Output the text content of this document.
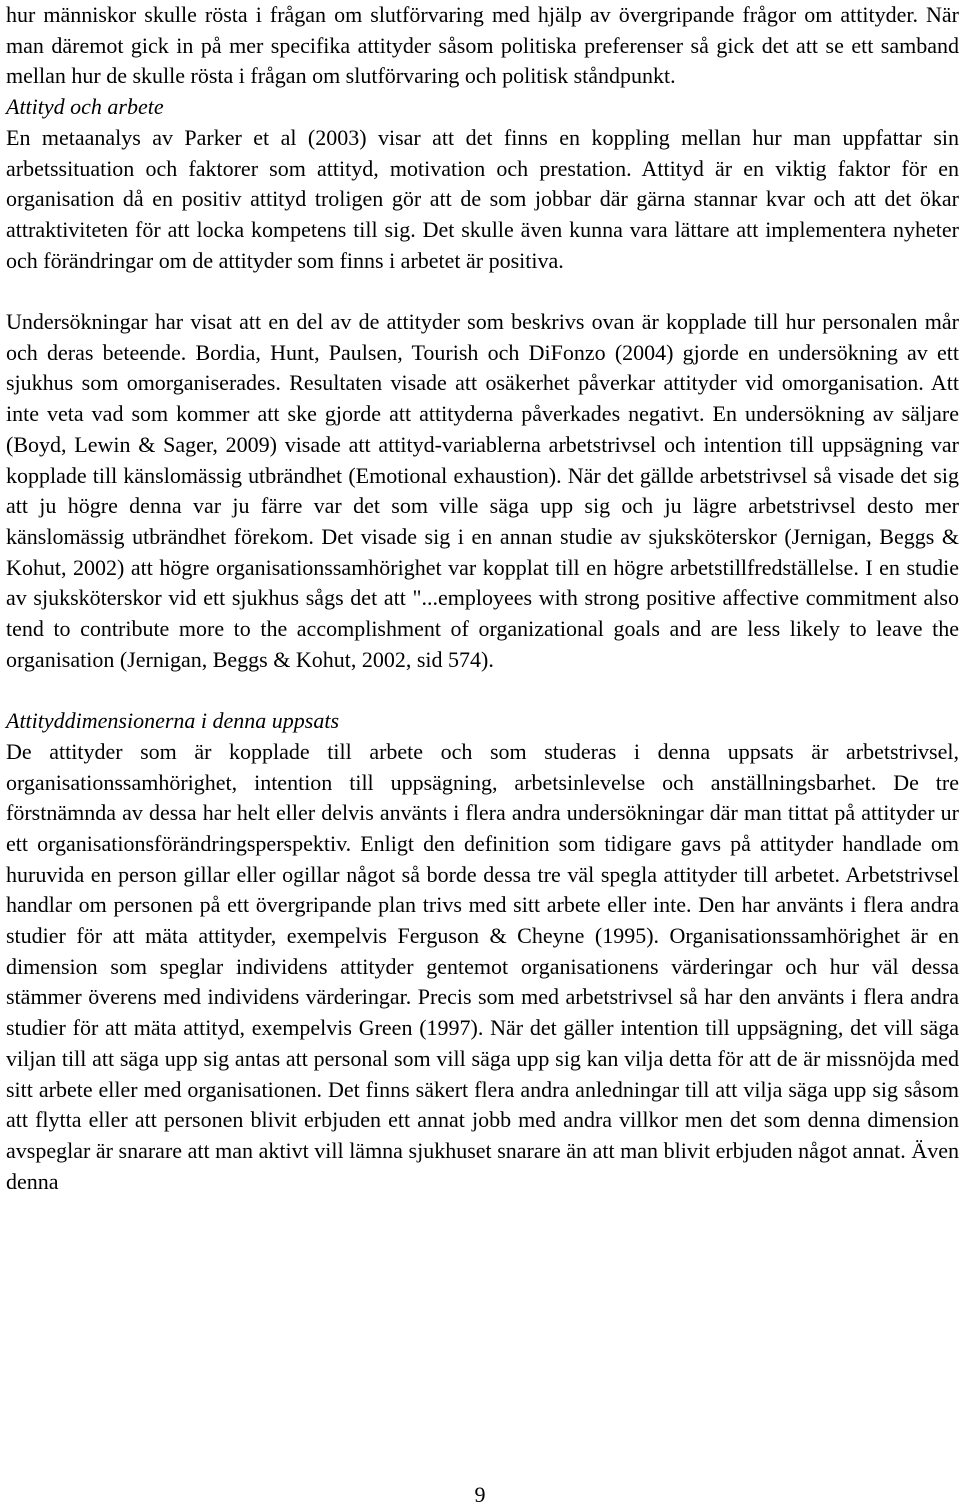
hur människor skulle rösta i frågan om slutförvaring med hjälp av övergripande frågor om attityder. När man däremot gick in på mer specifika attityder såsom politiska preferenser så gick det att se ett samband mellan hur de skulle rösta i frågan om slutförvaring och politisk ståndpunkt.

Attityd och arbete

En metaanalys av Parker et al (2003) visar att det finns en koppling mellan hur man uppfattar sin arbetssituation och faktorer som attityd, motivation och prestation. Attityd är en viktig faktor för en organisation då en positiv attityd troligen gör att de som jobbar där gärna stannar kvar och att det ökar attraktiviteten för att locka kompetens till sig. Det skulle även kunna vara lättare att implementera nyheter och förändringar om de attityder som finns i arbetet är positiva.

Undersökningar har visat att en del av de attityder som beskrivs ovan är kopplade till hur personalen mår och deras beteende. Bordia, Hunt, Paulsen, Tourish och DiFonzo (2004) gjorde en undersökning av ett sjukhus som omorganiserades. Resultaten visade att osäkerhet påverkar attityder vid omorganisation. Att inte veta vad som kommer att ske gjorde att attityderna påverkades negativt. En undersökning av säljare (Boyd, Lewin & Sager, 2009) visade att attityd-variablerna arbetstrivsel och intention till uppsägning var kopplade till känslomässig utbrändhet (Emotional exhaustion). När det gällde arbetstrivsel så visade det sig att ju högre denna var ju färre var det som ville säga upp sig och ju lägre arbetstrivsel desto mer känslomässig utbrändhet förekom. Det visade sig i en annan studie av sjuksköterskor (Jernigan, Beggs & Kohut, 2002) att högre organisationssamhörighet var kopplat till en högre arbetstillfredställelse. I en studie av sjuksköterskor vid ett sjukhus sågs det att "...employees with strong positive affective commitment also tend to contribute more to the accomplishment of organizational goals and are less likely to leave the organisation (Jernigan, Beggs & Kohut, 2002, sid 574).

Attityddimensionerna i denna uppsats

De attityder som är kopplade till arbete och som studeras i denna uppsats är arbetstrivsel, organisationssamhörighet, intention till uppsägning, arbetsinlevelse och anställningsbarhet. De tre förstnämnda av dessa har helt eller delvis använts i flera andra undersökningar där man tittat på attityder ur ett organisationsförändringsperspektiv. Enligt den definition som tidigare gavs på attityder handlade om huruvida en person gillar eller ogillar något så borde dessa tre väl spegla attityder till arbetet. Arbetstrivsel handlar om personen på ett övergripande plan trivs med sitt arbete eller inte. Den har använts i flera andra studier för att mäta attityder, exempelvis Ferguson & Cheyne (1995). Organisationssamhörighet är en dimension som speglar individens attityder gentemot organisationens värderingar och hur väl dessa stämmer överens med individens värderingar. Precis som med arbetstrivsel så har den använts i flera andra studier för att mäta attityd, exempelvis Green (1997). När det gäller intention till uppsägning, det vill säga viljan till att säga upp sig antas att personal som vill säga upp sig kan vilja detta för att de är missnöjda med sitt arbete eller med organisationen. Det finns säkert flera andra anledningar till att vilja säga upp sig såsom att flytta eller att personen blivit erbjuden ett annat jobb med andra villkor men det som denna dimension avspeglar är snarare att man aktivt vill lämna sjukhuset snarare än att man blivit erbjuden något annat. Även denna

9
